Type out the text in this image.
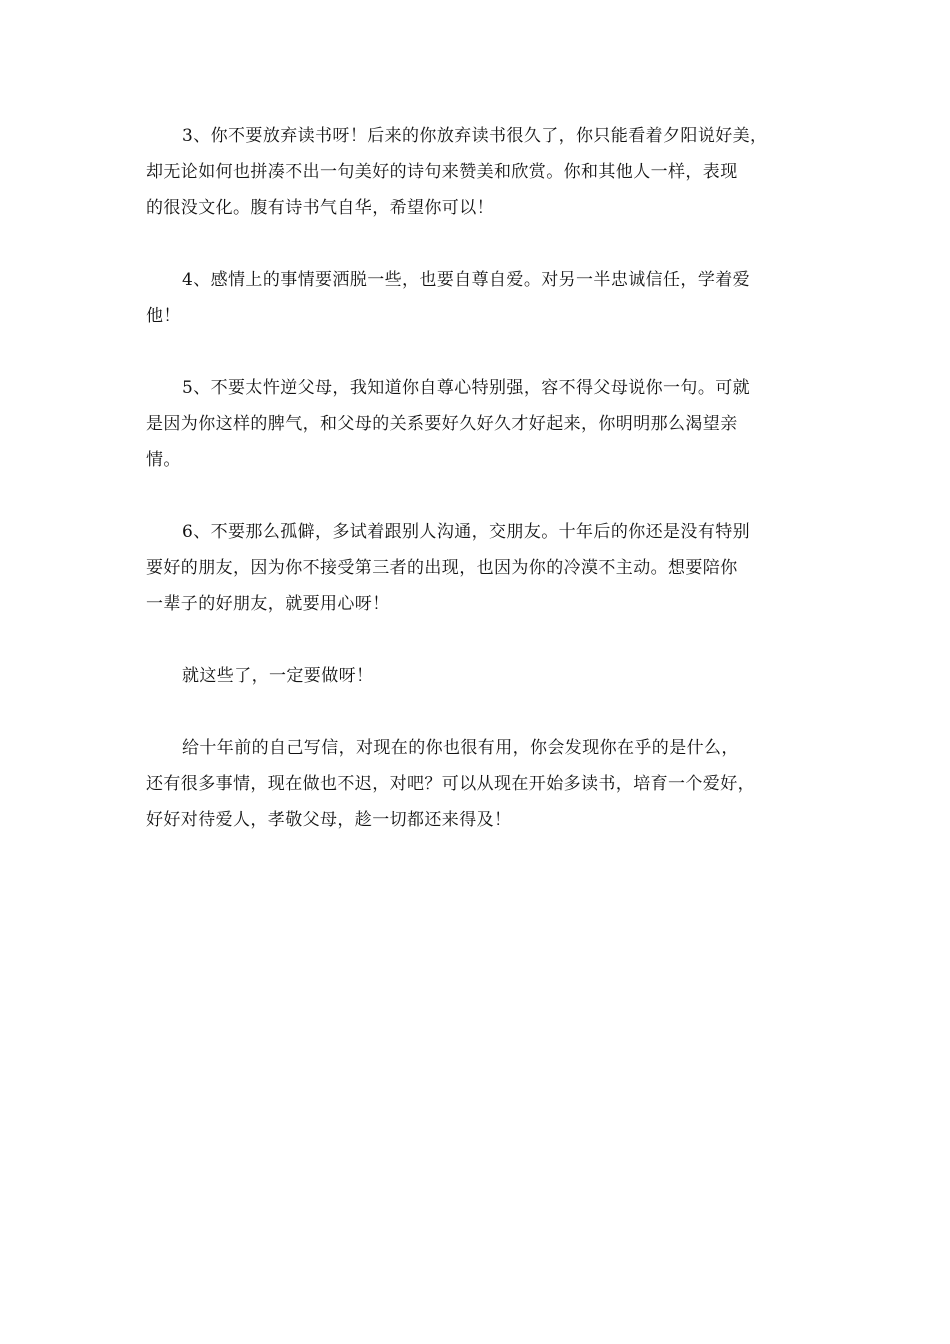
3、你不要放弃读书呀！后来的你放弃读书很久了，你只能看着夕阳说好美，
却无论如何也拼凑不出一句美好的诗句来赞美和欣赏。你和其他人一样，表现
的很没文化。腹有诗书气自华，希望你可以！

4、感情上的事情要洒脱一些，也要自尊自爱。对另一半忠诚信任，学着爱
他！

5、不要太忤逆父母，我知道你自尊心特别强，容不得父母说你一句。可就
是因为你这样的脾气，和父母的关系要好久好久才好起来，你明明那么渴望亲
情。

6、不要那么孤僻，多试着跟别人沟通，交朋友。十年后的你还是没有特别
要好的朋友，因为你不接受第三者的出现，也因为你的冷漠不主动。想要陪你
一辈子的好朋友，就要用心呀！

就这些了，一定要做呀！

给十年前的自己写信，对现在的你也很有用，你会发现你在乎的是什么，
还有很多事情，现在做也不迟，对吧？可以从现在开始多读书，培育一个爱好，
好好对待爱人，孝敬父母，趁一切都还来得及！
